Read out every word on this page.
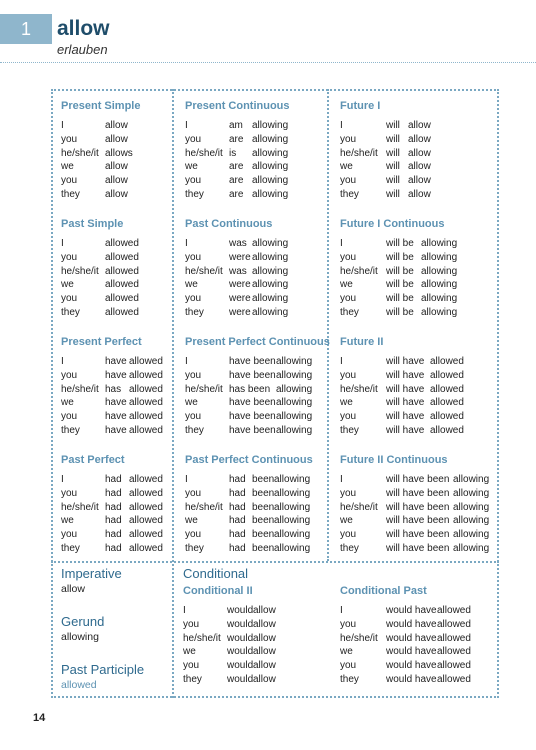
1	allow
erlauben
Present Simple
I	allow
you	allow
he/she/it allows
we	allow
you	allow
they	allow
Present Continuous
I	am allowing
you	are allowing
he/she/it is	allowing
we	are allowing
you	are allowing
they	are allowing
Future I
I	will allow
you	will allow
he/she/it will allow
we	will allow
you	will allow
they	will allow
Past Simple
I	allowed
you	allowed
he/she/it allowed
we	allowed
you	allowed
they	allowed
Past Continuous
I	was allowing
you	were allowing
he/she/it was allowing
we	were allowing
you	were allowing
they	were allowing
Future I Continuous
I	will be allowing
you	will be allowing
he/she/it will be allowing
we	will be allowing
you	will be allowing
they	will be allowing
Present Perfect
I	have allowed
you	have allowed
he/she/it has allowed
we	have allowed
you	have allowed
they	have allowed
Present Perfect Continuous
I	have been allowing
you	have been allowing
he/she/it has been allowing
we	have been allowing
you	have been allowing
they	have been allowing
Future II
I	will have allowed
you	will have allowed
he/she/it will have allowed
we	will have allowed
you	will have allowed
they	will have allowed
Past Perfect
I	had allowed
you	had allowed
he/she/it had allowed
we	had allowed
you	had allowed
they	had allowed
Past Perfect Continuous
I	had been allowing
you	had been allowing
he/she/it had been allowing
we	had been allowing
you	had been allowing
they	had been allowing
Future II Continuous
I	will have been allowing
you	will have been allowing
he/she/it will have been allowing
we	will have been allowing
you	will have been allowing
they	will have been allowing
Imperative
allow
Gerund
allowing
Past Participle
allowed
Conditional
Conditional II
I	would allow
you	would allow
he/she/it would allow
we	would allow
you	would allow
they	would allow
Conditional Past
I	would have allowed
you	would have allowed
he/she/it would have allowed
we	would have allowed
you	would have allowed
they	would have allowed
14
